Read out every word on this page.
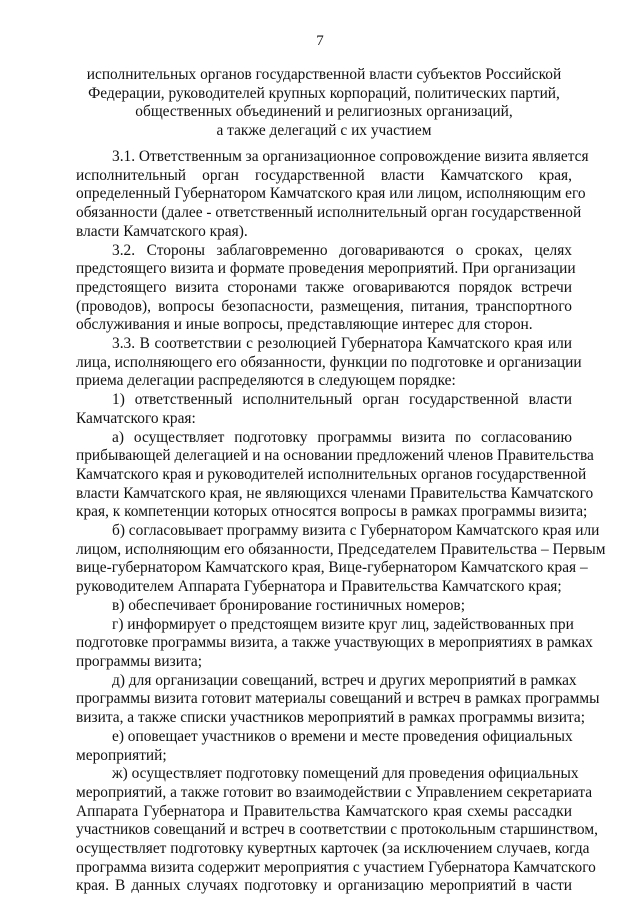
7
исполнительных органов государственной власти субъектов Российской
Федерации, руководителей крупных корпораций, политических партий,
общественных объединений и религиозных организаций,
а также делегаций с их участием
3.1. Ответственным за организационное сопровождение визита является
исполнительный орган государственной власти Камчатского края,
определенный Губернатором Камчатского края или лицом, исполняющим его
обязанности (далее - ответственный исполнительный орган государственной
власти Камчатского края).
3.2. Стороны заблаговременно договариваются о сроках, целях
предстоящего визита и формате проведения мероприятий. При организации
предстоящего визита сторонами также оговариваются порядок встречи
(проводов), вопросы безопасности, размещения, питания, транспортного
обслуживания и иные вопросы, представляющие интерес для сторон.
3.3. В соответствии с резолюцией Губернатора Камчатского края или
лица, исполняющего его обязанности, функции по подготовке и организации
приема делегации распределяются в следующем порядке:
1) ответственный исполнительный орган государственной власти
Камчатского края:
а) осуществляет подготовку программы визита по согласованию
прибывающей делегацией и на основании предложений членов Правительства
Камчатского края и руководителей исполнительных органов государственной
власти Камчатского края, не являющихся членами Правительства Камчатского
края, к компетенции которых относятся вопросы в рамках программы визита;
б) согласовывает программу визита с Губернатором Камчатского края или
лицом, исполняющим его обязанности, Председателем Правительства – Первым
вице-губернатором Камчатского края, Вице-губернатором Камчатского края –
руководителем Аппарата Губернатора и Правительства Камчатского края;
в) обеспечивает бронирование гостиничных номеров;
г) информирует о предстоящем визите круг лиц, задействованных при
подготовке программы визита, а также участвующих в мероприятиях в рамках
программы визита;
д) для организации совещаний, встреч и других мероприятий в рамках
программы визита готовит материалы совещаний и встреч в рамках программы
визита, а также списки участников мероприятий в рамках программы визита;
е) оповещает участников о времени и месте проведения официальных
мероприятий;
ж) осуществляет подготовку помещений для проведения официальных
мероприятий, а также готовит во взаимодействии с Управлением секретариата
Аппарата Губернатора и Правительства Камчатского края схемы рассадки
участников совещаний и встреч в соответствии с протокольным старшинством,
осуществляет подготовку кувертных карточек (за исключением случаев, когда
программа визита содержит мероприятия с участием Губернатора Камчатского
края. В данных случаях подготовку и организацию мероприятий в части
